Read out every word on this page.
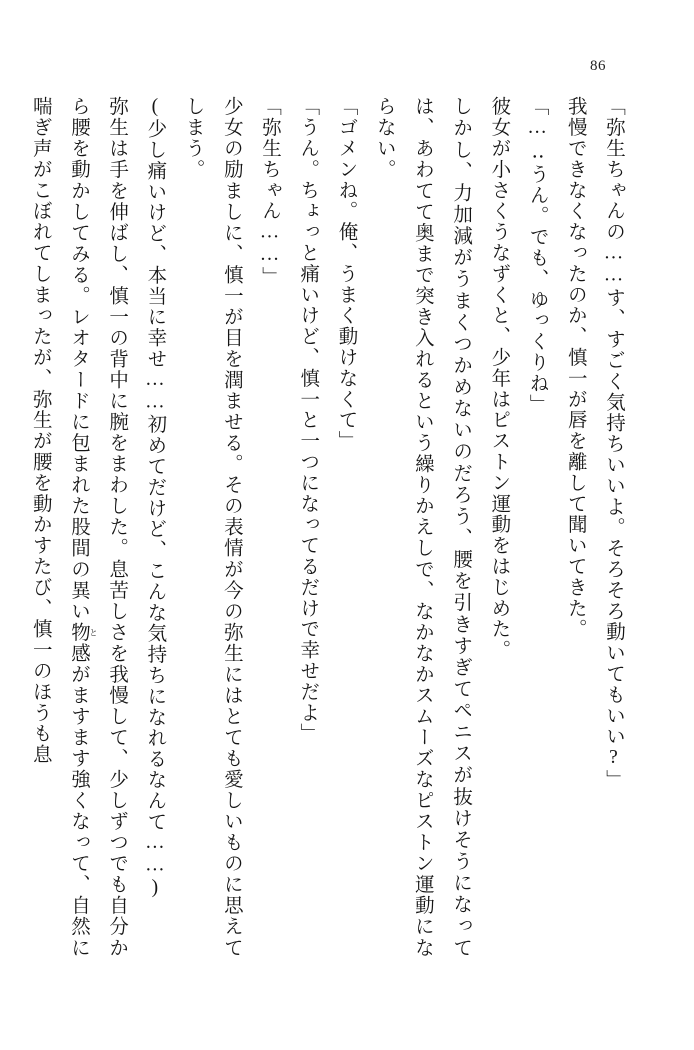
86

「弥生ちゃんの……す、すごく気持ちいいよ。そろそろ動いてもいい?」

我慢できなくなったのか、慎一が唇を離して聞いてきた。

「…‥うん。でも、ゆっくりね」

彼女が小さくうなずくと、少年はピストン運動をはじめた。

しかし、力加減がうまくつかめないのだろう、腰を引きすぎてペニスが抜けそうになっては、あわてて奥まで突き入れるという繰りかえしで、なかなかスムーズなピストン運動にならない。

「ゴメンね。俺、うまく動けなくて」

「うん。ちょっと痛いけど、慎一と一つになってるだけで幸せだよ」

「弥生ちゃん……」

少女の励ましに、慎一が目を潤ませる。その表情が今の弥生にはとても愛しいものに思えてしまう。

(少し痛いけど、本当に幸せ……初めてだけど、こんな気持ちになれるなんて……)

弥生は手を伸ばし、慎一の背中に腕をまわした。息苦しさを我慢して、少しずつでも自分から腰を動かしてみる。レオタードに包まれた股間の異い物 と感がますます強くなって、自然に喘ぎ声がこぼれてしまったが、弥生が腰を動かすたび、慎一のほうも息
